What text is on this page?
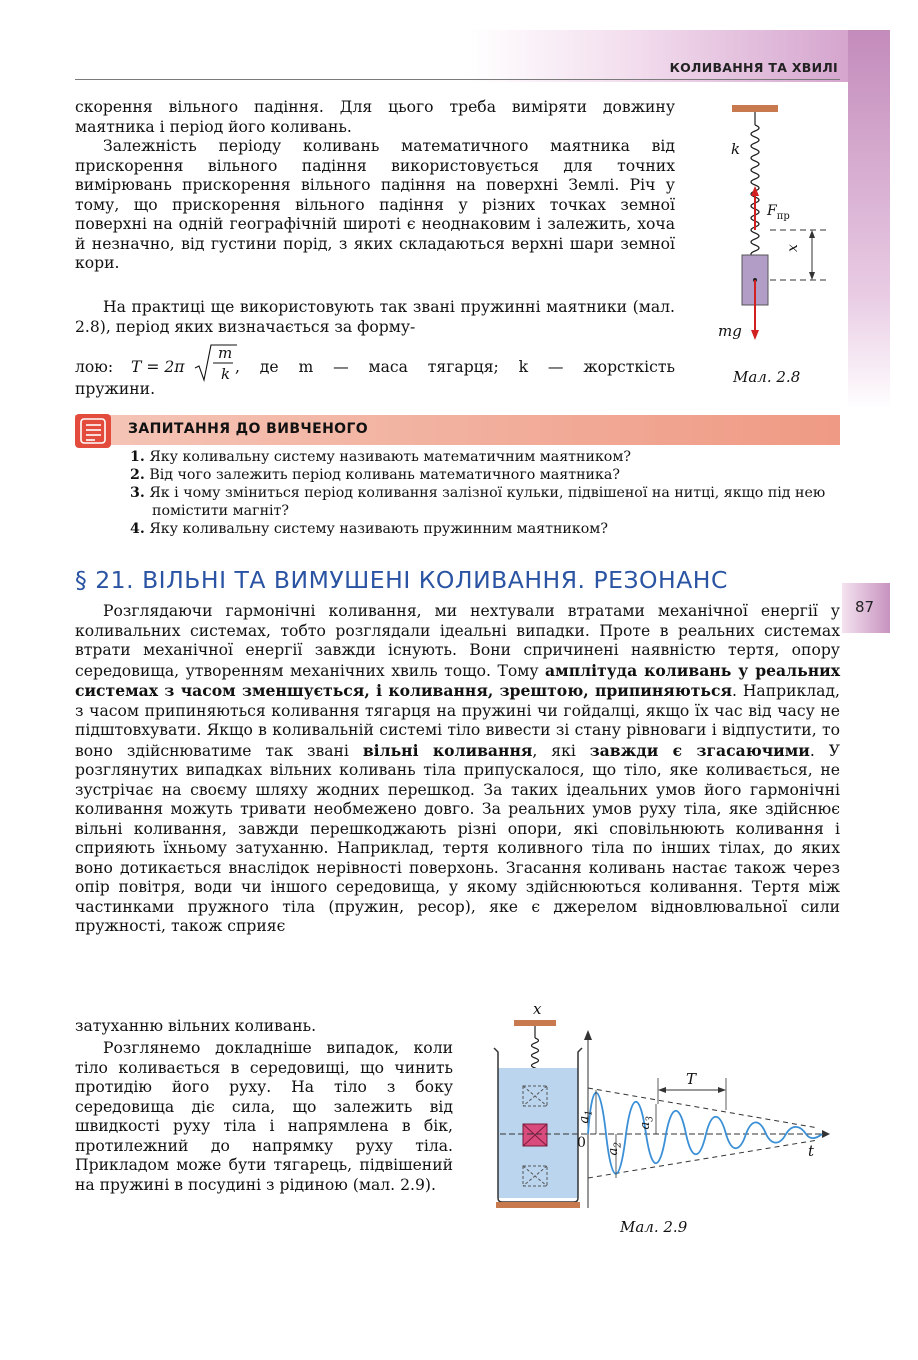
КОЛИВАННЯ ТА ХВИЛІ

скорення вільного падіння. Для цього треба виміряти довжину маятника і період його коливань.

Залежність періоду коливань математичного маятника від прискорення вільного падіння використовується для точних вимірювань прискорення вільного падіння на поверхні Землі. Річ у тому, що прискорення вільного падіння у різних точках земної поверхні на одній географічній широті є неоднаковим і залежить, хоча й незначно, від густини порід, з яких складаються верхні шари земної кори.

На практиці ще використовують так звані пружинні маятники (мал. 2.8), період яких визначається за форму-

лою: T = 2π
m
k , де m — маса тягарця; k — жорсткість
пружини.
k
$F_{пр}$
x
mg
Мал. 2.8
ЗАПИТАННЯ ДО ВИВЧЕНОГО
1. Яку коливальну систему називають математичним маятником?
2. Від чого залежить період коливань математичного маятника?
3. Як і чому зміниться період коливання залізної кульки, підвішеної на нитці, якщо під нею помістити магніт?
4. Яку коливальну систему називають пружинним маятником?
87
§ 21. ВІЛЬНІ ТА ВИМУШЕНІ КОЛИВАННЯ. РЕЗОНАНС

Розглядаючи гармонічні коливання, ми нехтували втратами механічної енергії у коливальних системах, тобто розглядали ідеальні випадки. Проте в реальних системах втрати механічної енергії завжди існують. Вони спричинені наявністю тертя, опору середовища, утворенням механічних хвиль тощо. Тому амплітуда коливань у реальних системах з часом зменшується, і коливання, зрештою, припиняються. Наприклад, з часом припиняються коливання тягарця на пружині чи гойдалці, якщо їх час від часу не підштовхувати. Якщо в коливальній системі тіло вивести зі стану рівноваги і відпустити, то воно здійснюватиме так звані вільні коливання, які завжди є згасаючими. У розглянутих випадках вільних коливань тіла припускалося, що тіло, яке коливається, не зустрічає на своєму шляху жодних перешкод. За таких ідеальних умов його гармонічні коливання можуть тривати необмежено довго. За реальних умов руху тіла, яке здійснює вільні коливання, завжди перешкоджають різні опори, які сповільнюють коливання і сприяють їхньому затуханню. Наприклад, тертя коливного тіла по інших тілах, до яких воно дотикається внаслідок нерівності поверхонь. Згасання коливань настає також через опір повітря, води чи іншого середовища, у якому здійснюються коливання. Тертя між частинками пружного тіла (пружин, ресор), яке є джерелом відновлювальної сили пружності, також сприяє

затуханню вільних коливань.

Розглянемо докладніше випадок, коли тіло коливається в середовищі, що чинить протидію його руху. На тіло з боку середовища діє сила, що залежить від швидкості руху тіла і напрямлена в бік, протилежний до напрямку руху тіла. Прикладом може бути тягарець, підвішений на пружині в посудині з рідиною (мал. 2.9).

x
T
t
0
$a_1$
$a_2$
$a_3$
Мал. 2.9
